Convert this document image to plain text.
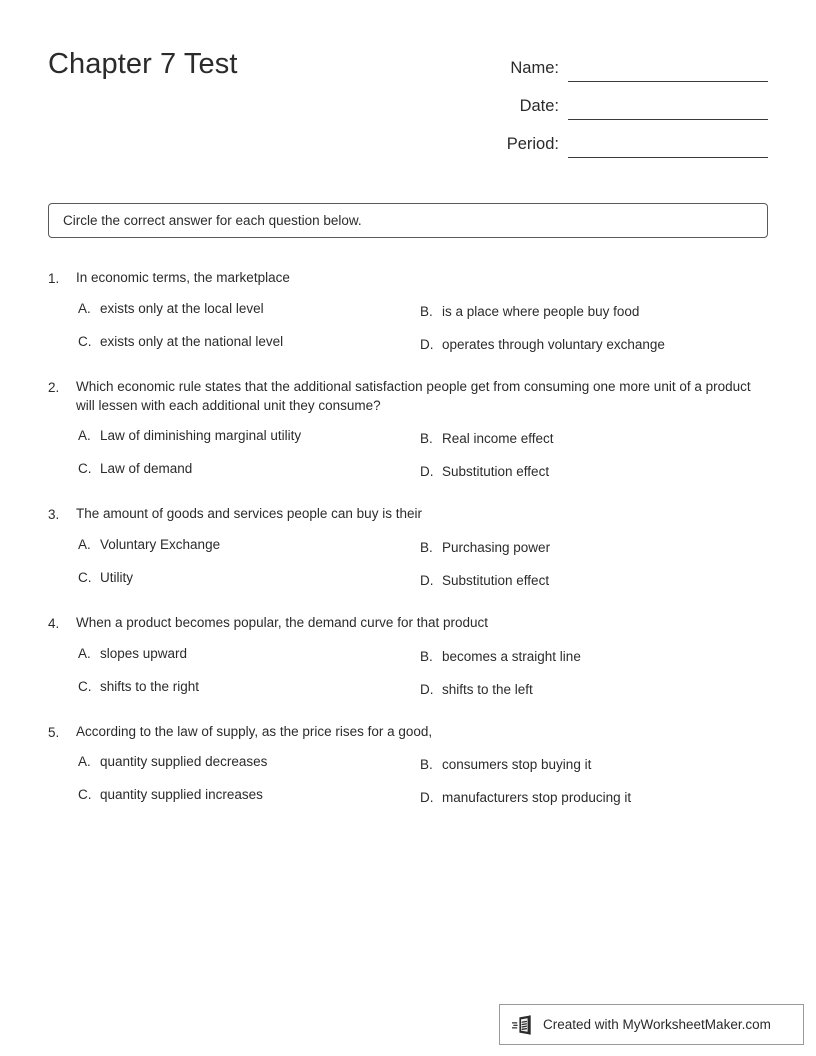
Chapter 7 Test	Name:
Date:
Period:
Circle the correct answer for each question below.
1.	In economic terms, the marketplace
A. exists only at the local level	B. is a place where people buy food
C. exists only at the national level	D. operates through voluntary exchange
2.	Which economic rule states that the additional satisfaction people get from consuming one more unit of a product will lessen with each additional unit they consume?
A. Law of diminishing marginal utility	B. Real income effect
C. Law of demand	D. Substitution effect
3.	The amount of goods and services people can buy is their
A. Voluntary Exchange	B. Purchasing power
C. Utility	D. Substitution effect
4.	When a product becomes popular, the demand curve for that product
A. slopes upward	B. becomes a straight line
C. shifts to the right	D. shifts to the left
5.	According to the law of supply, as the price rises for a good,
A. quantity supplied decreases	B. consumers stop buying it
C. quantity supplied increases	D. manufacturers stop producing it
Created with MyWorksheetMaker.com
